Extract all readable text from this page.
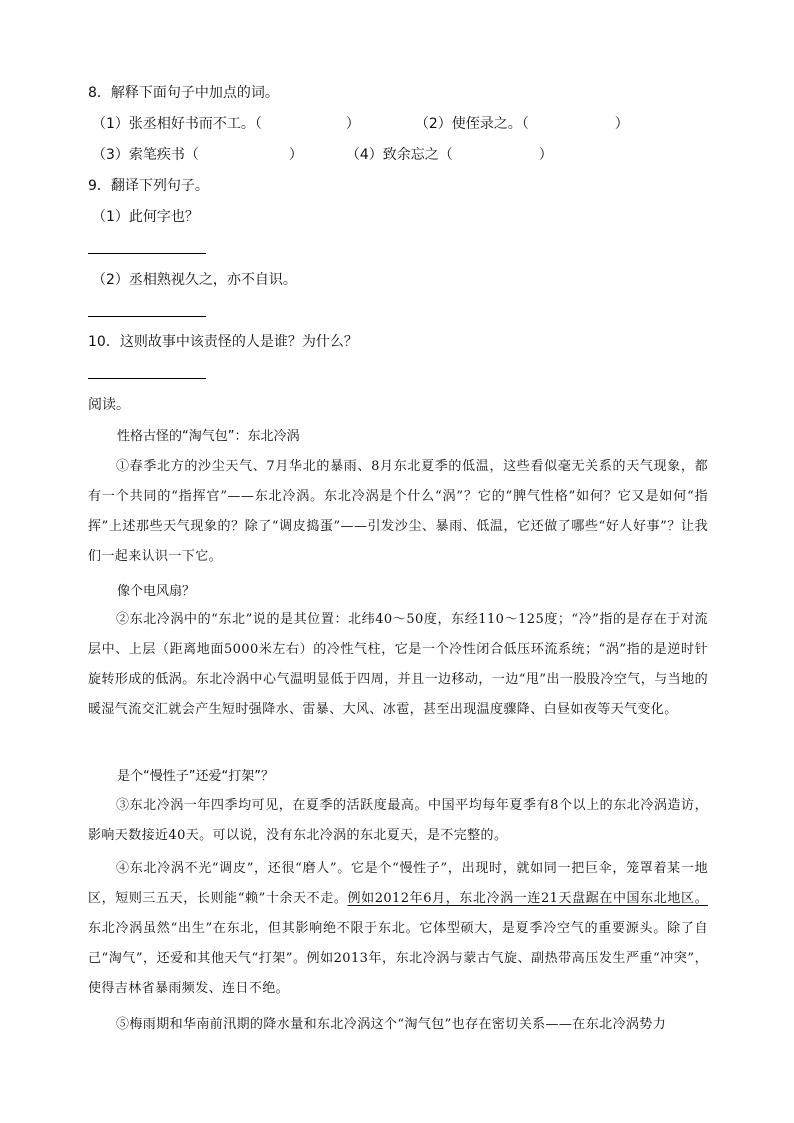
8．解释下面句子中加点的词。
（1）张丞相好书而不工。（	）	（2）使侄录之。（	）
（3）索笔疾书（	）	（4）致余忘之（	）
9．翻译下列句子。
（1）此何字也？
（2）丞相熟视久之，亦不自识。
10．这则故事中该责怪的人是谁？为什么？
阅读。
性格古怪的“淘气包”：东北冷涡
①春季北方的沙尘天气、7月华北的暴雨、8月东北夏季的低温，这些看似毫无关系的天气现象，都有一个共同的“指挥官”——东北冷涡。东北冷涡是个什么“涡”？它的“脾气性格”如何？它又是如何“指挥”上述那些天气现象的？除了“调皮捣蛋”——引发沙尘、暴雨、低温，它还做了哪些“好人好事”？让我们一起来认识一下它。
像个电风扇？
②东北冷涡中的“东北”说的是其位置：北纬40～50度，东经110～125度；“冷”指的是存在于对流层中、上层（距离地面5000米左右）的冷性气柱，它是一个冷性闭合低压环流系统；“涡”指的是逆时针旋转形成的低涡。东北冷涡中心气温明显低于四周，并且一边移动，一边“甩”出一股股冷空气，与当地的暖湿气流交汇就会产生短时强降水、雷暴、大风、冰雹，甚至出现温度骤降、白昼如夜等天气变化。
是个“慢性子”还爱“打架”？
③东北冷涡一年四季均可见，在夏季的活跃度最高。中国平均每年夏季有8个以上的东北冷涡造访，影响天数接近40天。可以说，没有东北冷涡的东北夏天，是不完整的。
④东北冷涡不光“调皮”，还很“磨人”。它是个“慢性子”，出现时，就如同一把巨伞，笼罩着某一地区，短则三五天，长则能“赖”十余天不走。例如2012年6月，东北冷涡一连21天盘踞在中国东北地区。东北冷涡虽然“出生”在东北，但其影响绝不限于东北。它体型硕大，是夏季冷空气的重要源头。除了自己“淘气”，还爱和其他天气“打架”。例如2013年，东北冷涡与蒙古气旋、副热带高压发生严重“冲突”，使得吉林省暴雨频发、连日不绝。
⑤梅雨期和华南前汛期的降水量和东北冷涡这个“淘气包”也存在密切关系——在东北冷涡势力
